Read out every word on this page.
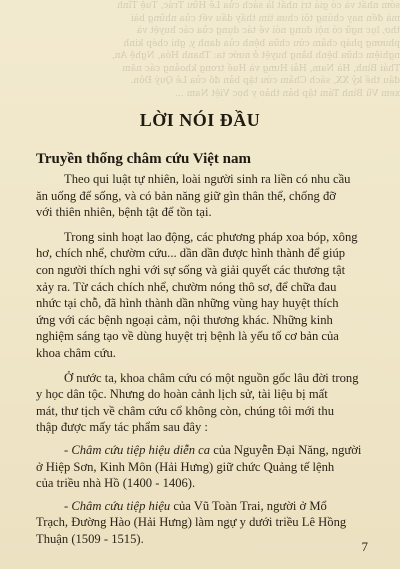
sớm nhất và có giá trị nhất là sách của Lê Hữu Trác, Tuệ Tĩnh
mà đến nay chúng tôi chưa tìm thấy dấu vết của những bài
thơ, lục ngữ có nội dung nói về tác dụng của các huyệt và
phương pháp châm cứu chữa bệnh của danh y, ghi chép kinh
nghiệm chữa bệnh bằng huyệt ở nước ta: Thanh Hóa, Nghệ An,
Thái Bình, Hà Nam, Hải Hưng và Huế trong khoảng các năm
đầu thế kỷ XX, sách Châm cứu tập bản đồ của Lê Quý Đôn.
xem Vũ Bình Tám tập bản thảo y học Việt Nam ...
LỜI NÓI ĐẦU
Truyền thống châm cứu Việt nam
Theo qui luật tự nhiên, loài người sinh ra liền có nhu cầu
ăn uống để sống, và có bản năng giữ gìn thân thể, chống đỡ
với thiên nhiên, bệnh tật để tồn tại.
Trong sinh hoạt lao động, các phương pháp xoa bóp, xông
hơ, chích nhể, chườm cứu... dần dần được hình thành để giúp
con người thích nghi với sự sống và giải quyết các thương tật
xảy ra. Từ cách chích nhể, chườm nóng thô sơ, để chữa đau
nhức tại chỗ, đã hình thành dần những vùng hay huyệt thích
ứng với các bệnh ngoại cảm, nội thương khác. Những kinh
nghiệm sáng tạo về dùng huyệt trị bệnh là yếu tố cơ bản của
khoa châm cứu.
Ở nước ta, khoa châm cứu có một nguồn gốc lâu đời trong
y học dân tộc. Nhưng do hoàn cảnh lịch sử, tài liệu bị mất
mát, thư tịch về châm cứu cổ không còn, chúng tôi mới thu
thập được mấy tác phẩm sau đây :
- Châm cứu tiệp hiệu diễn ca của Nguyễn Đại Năng, người
ở Hiệp Sơn, Kinh Môn (Hải Hưng) giữ chức Quảng tế lệnh
của triều nhà Hồ (1400 - 1406).
- Châm cứu tiệp hiệu của Vũ Toàn Trai, người ở Mổ
Trạch, Đường Hào (Hải Hưng) làm ngự y dưới triều Lê Hồng
Thuận (1509 - 1515).
7
